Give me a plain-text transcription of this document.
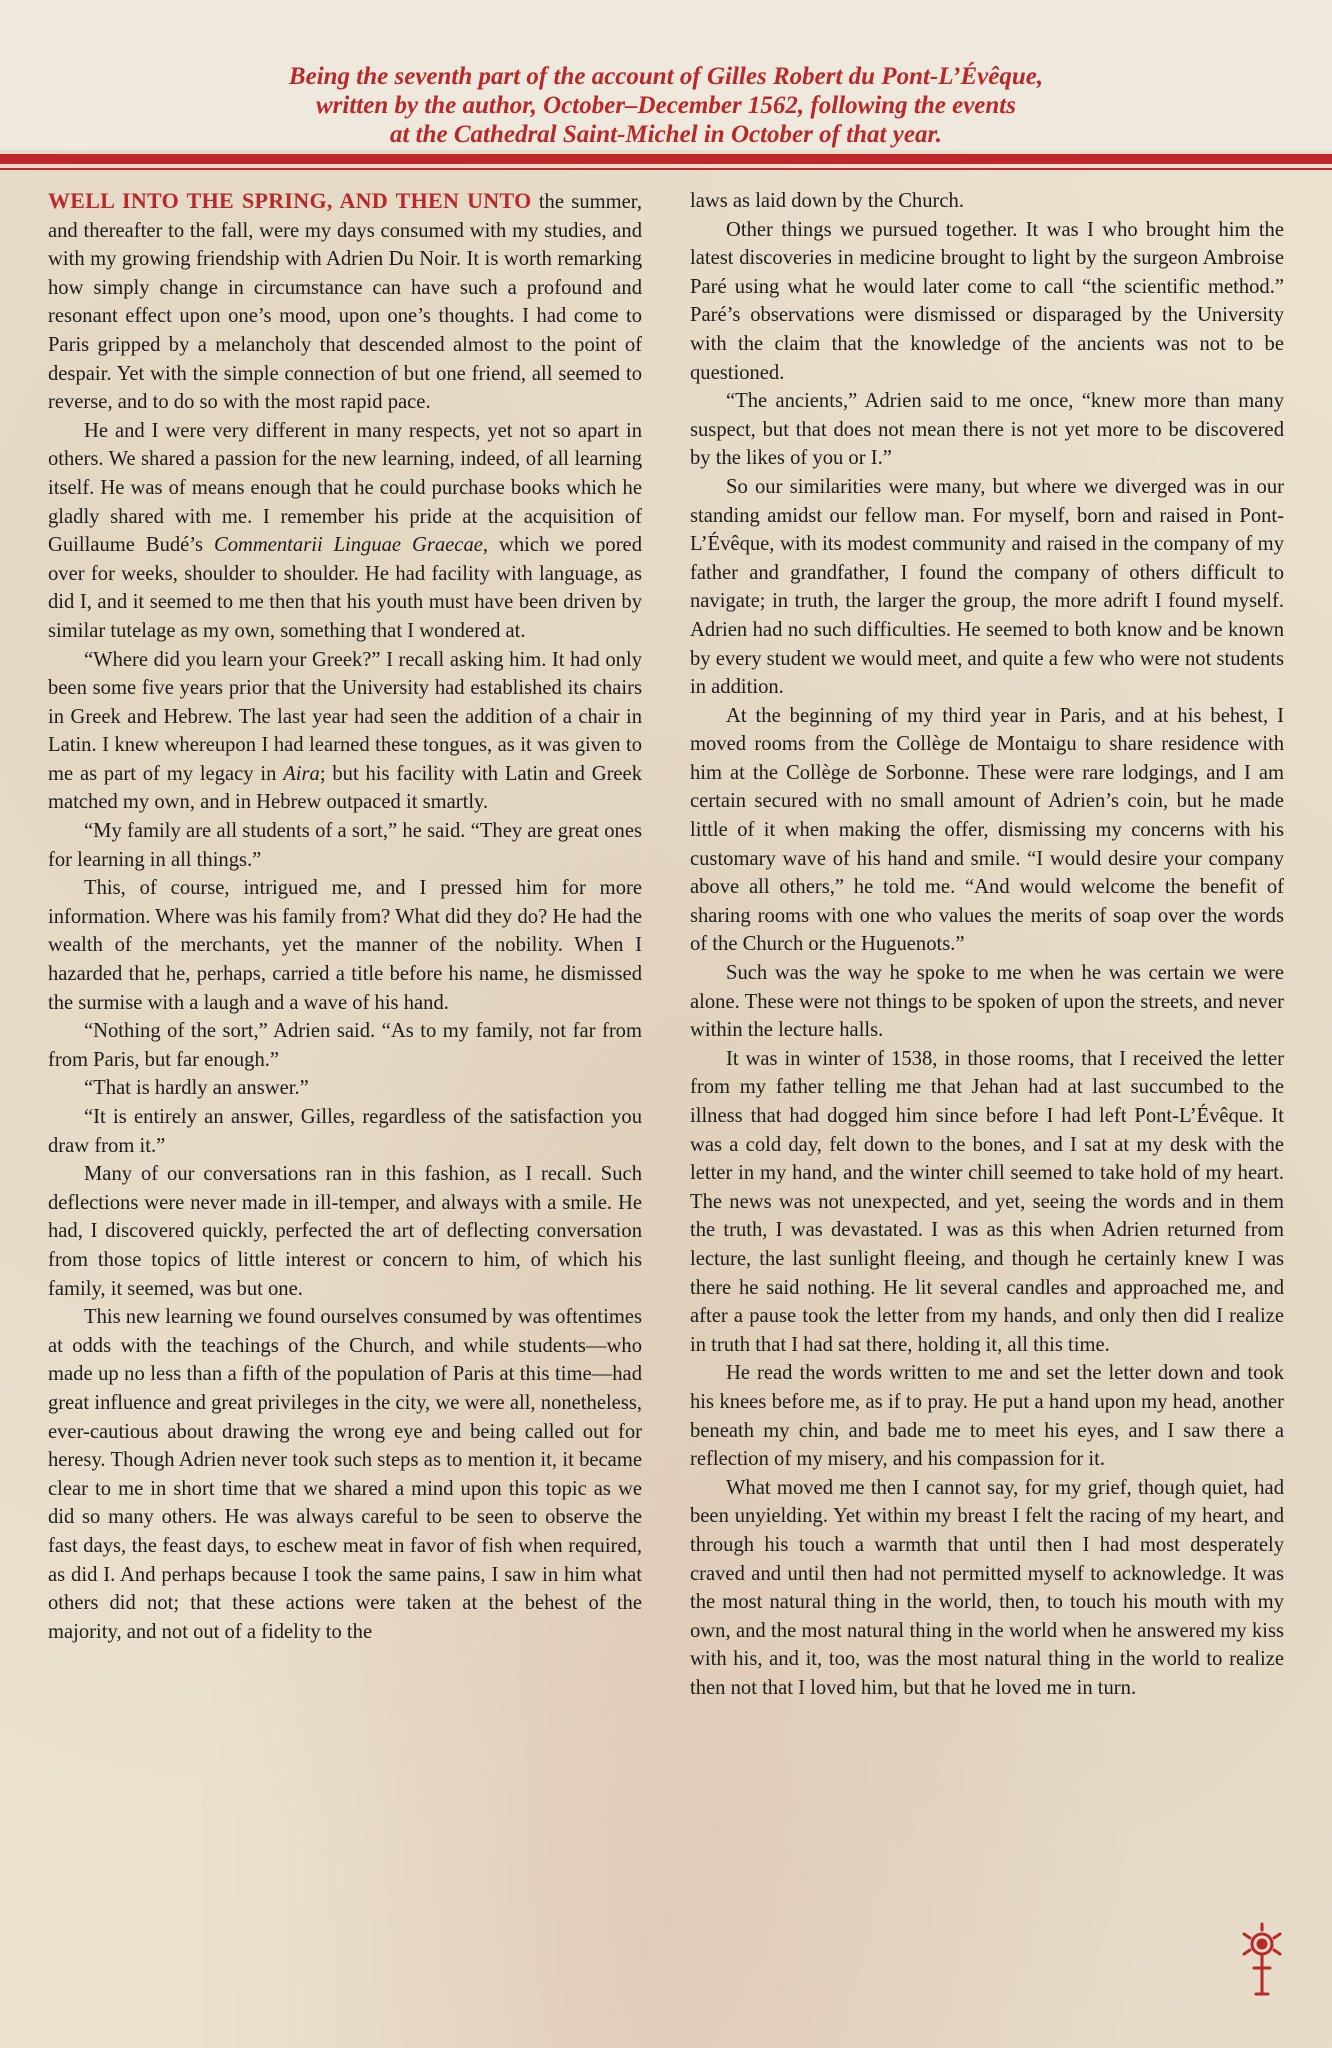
Being the seventh part of the account of Gilles Robert du Pont-L’Évêque,
written by the author, October–December 1562, following the events
at the Cathedral Saint-Michel in October of that year.

WELL INTO THE SPRING, AND THEN UNTO the summer, and thereafter to the fall, were my days consumed with my studies, and with my growing friendship with Adrien Du Noir. It is worth remarking how simply change in circumstance can have such a profound and resonant effect upon one’s mood, upon one’s thoughts. I had come to Paris gripped by a melancholy that descended almost to the point of despair. Yet with the simple connection of but one friend, all seemed to reverse, and to do so with the most rapid pace.

He and I were very different in many respects, yet not so apart in others. We shared a passion for the new learning, indeed, of all learning itself. He was of means enough that he could purchase books which he gladly shared with me. I remember his pride at the acquisition of Guillaume Budé’s Commentarii Linguae Graecae, which we pored over for weeks, shoulder to shoulder. He had facility with language, as did I, and it seemed to me then that his youth must have been driven by similar tutelage as my own, something that I wondered at.

“Where did you learn your Greek?” I recall asking him. It had only been some five years prior that the University had established its chairs in Greek and Hebrew. The last year had seen the addition of a chair in Latin. I knew whereupon I had learned these tongues, as it was given to me as part of my legacy in Aira; but his facility with Latin and Greek matched my own, and in Hebrew outpaced it smartly.

“My family are all students of a sort,” he said. “They are great ones for learning in all things.”

This, of course, intrigued me, and I pressed him for more information. Where was his family from? What did they do? He had the wealth of the merchants, yet the manner of the nobility. When I hazarded that he, perhaps, carried a title before his name, he dismissed the surmise with a laugh and a wave of his hand.

“Nothing of the sort,” Adrien said. “As to my family, not far from from Paris, but far enough.”

“That is hardly an answer.”

“It is entirely an answer, Gilles, regardless of the satisfaction you draw from it.”

Many of our conversations ran in this fashion, as I recall. Such deflections were never made in ill-temper, and always with a smile. He had, I discovered quickly, perfected the art of deflecting conversation from those topics of little interest or concern to him, of which his family, it seemed, was but one.

This new learning we found ourselves consumed by was oftentimes at odds with the teachings of the Church, and while students—who made up no less than a fifth of the population of Paris at this time—had great influence and great privileges in the city, we were all, nonetheless, ever-cautious about drawing the wrong eye and being called out for heresy. Though Adrien never took such steps as to mention it, it became clear to me in short time that we shared a mind upon this topic as we did so many others. He was always careful to be seen to observe the fast days, the feast days, to eschew meat in favor of fish when required, as did I. And perhaps because I took the same pains, I saw in him what others did not; that these actions were taken at the behest of the majority, and not out of a fidelity to the

laws as laid down by the Church.

Other things we pursued together. It was I who brought him the latest discoveries in medicine brought to light by the surgeon Ambroise Paré using what he would later come to call “the scientific method.” Paré’s observations were dismissed or disparaged by the University with the claim that the knowledge of the ancients was not to be questioned.

“The ancients,” Adrien said to me once, “knew more than many suspect, but that does not mean there is not yet more to be discovered by the likes of you or I.”

So our similarities were many, but where we diverged was in our standing amidst our fellow man. For myself, born and raised in Pont-L’Évêque, with its modest community and raised in the company of my father and grandfather, I found the company of others difficult to navigate; in truth, the larger the group, the more adrift I found myself. Adrien had no such difficulties. He seemed to both know and be known by every student we would meet, and quite a few who were not students in addition.

At the beginning of my third year in Paris, and at his behest, I moved rooms from the Collège de Montaigu to share residence with him at the Collège de Sorbonne. These were rare lodgings, and I am certain secured with no small amount of Adrien’s coin, but he made little of it when making the offer, dismissing my concerns with his customary wave of his hand and smile. “I would desire your company above all others,” he told me. “And would welcome the benefit of sharing rooms with one who values the merits of soap over the words of the Church or the Huguenots.”

Such was the way he spoke to me when he was certain we were alone. These were not things to be spoken of upon the streets, and never within the lecture halls.

It was in winter of 1538, in those rooms, that I received the letter from my father telling me that Jehan had at last succumbed to the illness that had dogged him since before I had left Pont-L’Évêque. It was a cold day, felt down to the bones, and I sat at my desk with the letter in my hand, and the winter chill seemed to take hold of my heart. The news was not unexpected, and yet, seeing the words and in them the truth, I was devastated. I was as this when Adrien returned from lecture, the last sunlight fleeing, and though he certainly knew I was there he said nothing. He lit several candles and approached me, and after a pause took the letter from my hands, and only then did I realize in truth that I had sat there, holding it, all this time.

He read the words written to me and set the letter down and took his knees before me, as if to pray. He put a hand upon my head, another beneath my chin, and bade me to meet his eyes, and I saw there a reflection of my misery, and his compassion for it.

What moved me then I cannot say, for my grief, though quiet, had been unyielding. Yet within my breast I felt the racing of my heart, and through his touch a warmth that until then I had most desperately craved and until then had not permitted myself to acknowledge. It was the most natural thing in the world, then, to touch his mouth with my own, and the most natural thing in the world when he answered my kiss with his, and it, too, was the most natural thing in the world to realize then not that I loved him, but that he loved me in turn.
